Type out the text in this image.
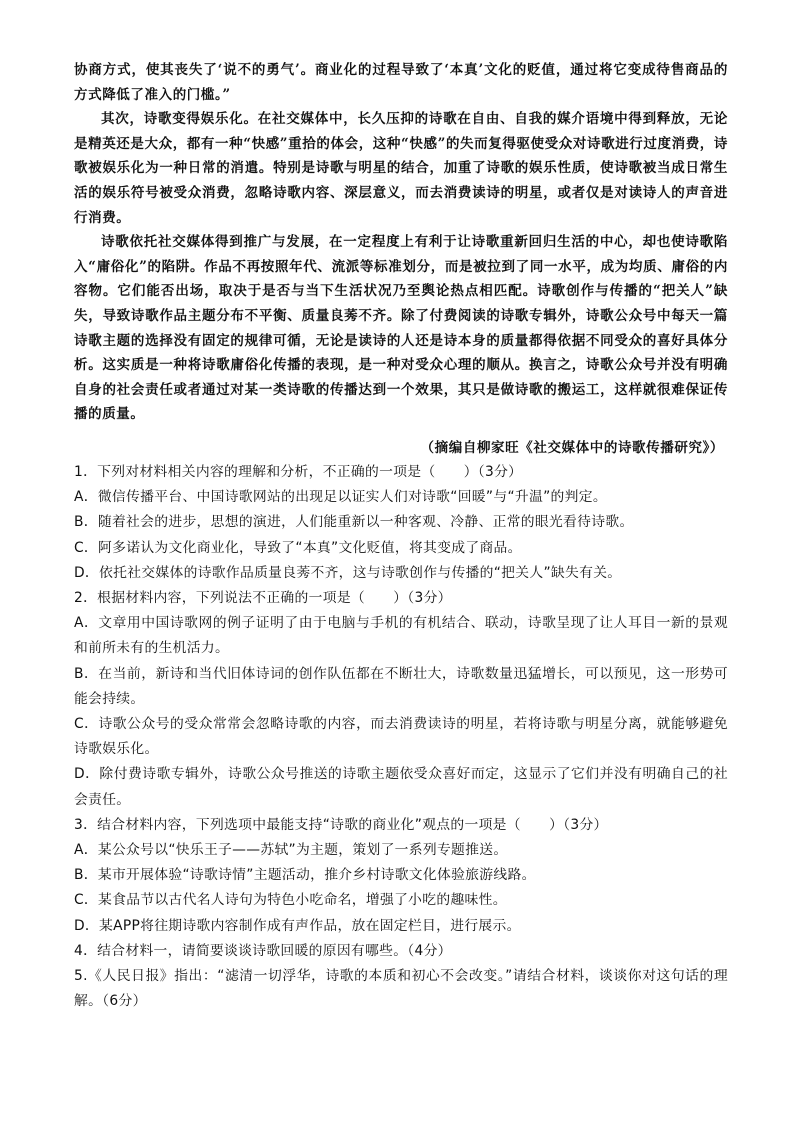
协商方式，使其丧失了‘说不的勇气’。商业化的过程导致了‘本真’文化的贬值，通过将它变成待售商品的方式降低了准入的门槛。”

其次，诗歌变得娱乐化。在社交媒体中，长久压抑的诗歌在自由、自我的媒介语境中得到释放，无论是精英还是大众，都有一种“快感”重拾的体会，这种“快感”的失而复得驱使受众对诗歌进行过度消费，诗歌被娱乐化为一种日常的消遣。特别是诗歌与明星的结合，加重了诗歌的娱乐性质，使诗歌被当成日常生活的娱乐符号被受众消费，忽略诗歌内容、深层意义，而去消费读诗的明星，或者仅是对读诗人的声音进行消费。

诗歌依托社交媒体得到推广与发展，在一定程度上有利于让诗歌重新回归生活的中心，却也使诗歌陷入“庸俗化”的陷阱。作品不再按照年代、流派等标准划分，而是被拉到了同一水平，成为均质、庸俗的内容物。它们能否出场，取决于是否与当下生活状况乃至舆论热点相匹配。诗歌创作与传播的“把关人”缺失，导致诗歌作品主题分布不平衡、质量良莠不齐。除了付费阅读的诗歌专辑外，诗歌公众号中每天一篇诗歌主题的选择没有固定的规律可循，无论是读诗的人还是诗本身的质量都得依据不同受众的喜好具体分析。这实质是一种将诗歌庸俗化传播的表现，是一种对受众心理的顺从。换言之，诗歌公众号并没有明确自身的社会责任或者通过对某一类诗歌的传播达到一个效果，其只是做诗歌的搬运工，这样就很难保证传播的质量。

（摘编自柳家旺《社交媒体中的诗歌传播研究》）
1．下列对材料相关内容的理解和分析，不正确的一项是（　　）（3分）
A．微信传播平台、中国诗歌网站的出现足以证实人们对诗歌“回暖”与“升温”的判定。
B．随着社会的进步，思想的演进，人们能重新以一种客观、冷静、正常的眼光看待诗歌。
C．阿多诺认为文化商业化，导致了“本真”文化贬值，将其变成了商品。
D．依托社交媒体的诗歌作品质量良莠不齐，这与诗歌创作与传播的“把关人”缺失有关。
2．根据材料内容，下列说法不正确的一项是（　　）（3分）
A．文章用中国诗歌网的例子证明了由于电脑与手机的有机结合、联动，诗歌呈现了让人耳目一新的景观和前所未有的生机活力。
B．在当前，新诗和当代旧体诗词的创作队伍都在不断壮大，诗歌数量迅猛增长，可以预见，这一形势可能会持续。
C．诗歌公众号的受众常常会忽略诗歌的内容，而去消费读诗的明星，若将诗歌与明星分离，就能够避免诗歌娱乐化。
D．除付费诗歌专辑外，诗歌公众号推送的诗歌主题依受众喜好而定，这显示了它们并没有明确自己的社会责任。
3．结合材料内容，下列选项中最能支持“诗歌的商业化”观点的一项是（　　）（3分）
A．某公众号以“快乐王子——苏轼”为主题，策划了一系列专题推送。
B．某市开展体验“诗歌诗情”主题活动，推介乡村诗歌文化体验旅游线路。
C．某食品节以古代名人诗句为特色小吃命名，增强了小吃的趣味性。
D．某APP将往期诗歌内容制作成有声作品，放在固定栏目，进行展示。
4．结合材料一，请简要谈谈诗歌回暖的原因有哪些。（4分）
5.《人民日报》指出：“滤清一切浮华，诗歌的本质和初心不会改变。”请结合材料，谈谈你对这句话的理解。（6分）
